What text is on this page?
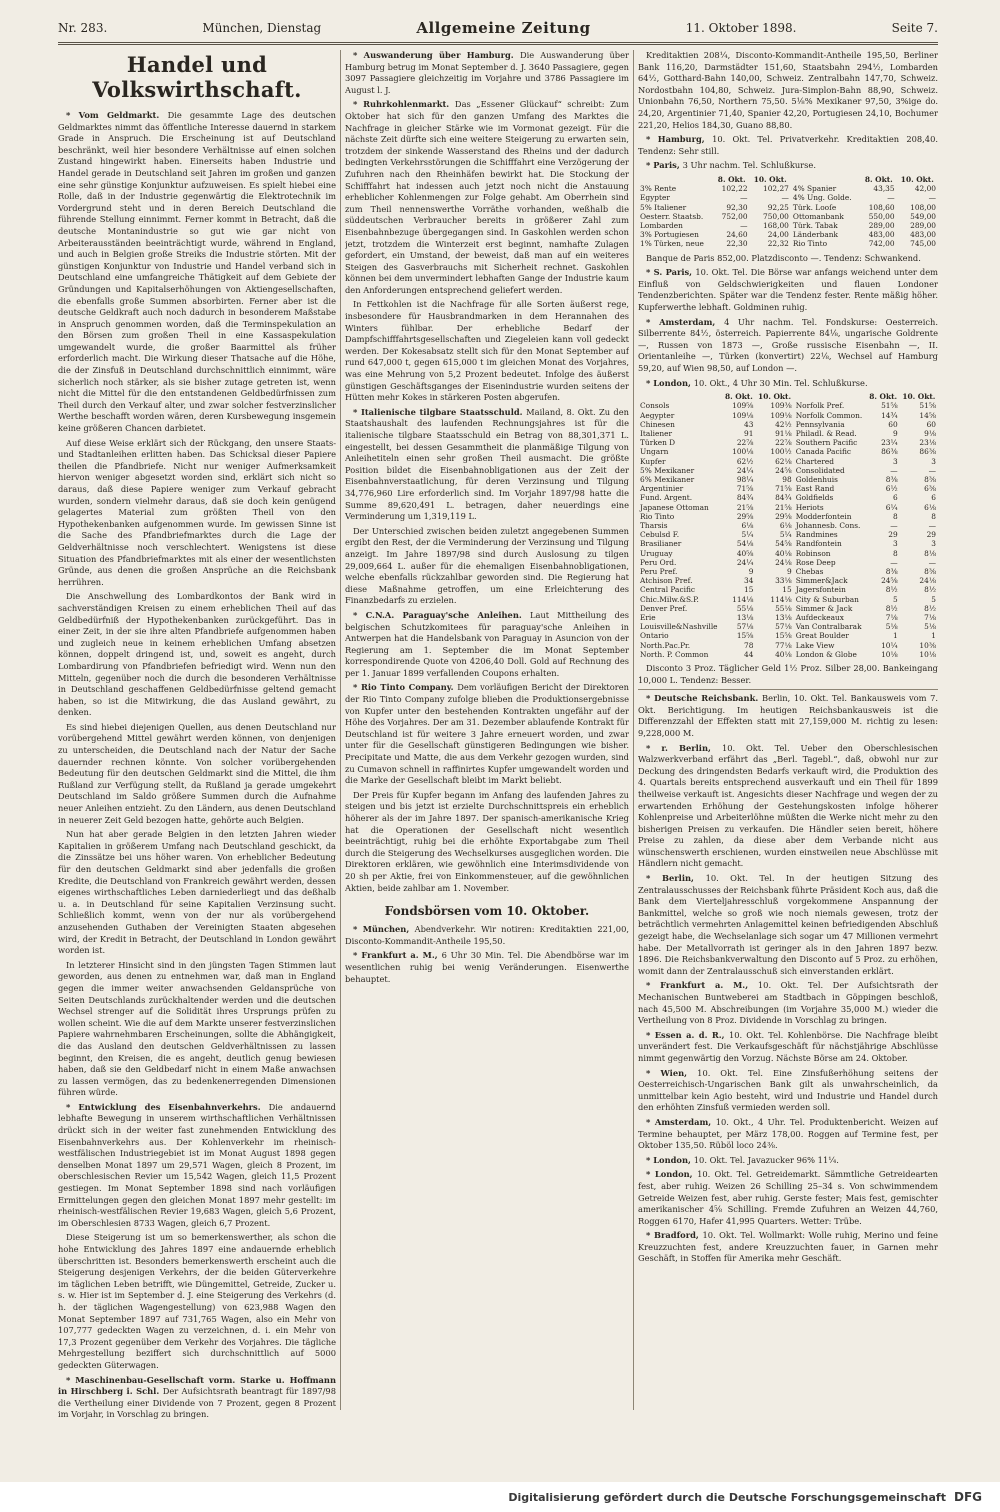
Nr. 283.	München, Dienstag	Allgemeine Zeitung	11. Oktober 1898.	Seite 7.
Handel und Volkswirthschaft.

* Vom Geldmarkt. Die gesammte Lage des deutschen Geldmarktes nimmt das öffentliche Interesse dauernd in starkem Grade in Anspruch. Die Erscheinung ist auf Deutschland beschränkt, weil hier besondere Verhältnisse auf einen solchen Zustand hingewirkt haben. Einerseits haben Industrie und Handel gerade in Deutschland seit Jahren im großen und ganzen eine sehr günstige Konjunktur aufzuweisen. Es spielt hiebei eine Rolle, daß in der Industrie gegenwärtig die Elektrotechnik im Vordergrund steht und in deren Bereich Deutschland die führende Stellung einnimmt. Ferner kommt in Betracht, daß die deutsche Montanindustrie so gut wie gar nicht von Arbeiterausständen beeinträchtigt wurde, während in England, und auch in Belgien große Streiks die Industrie störten. Mit der günstigen Konjunktur von Industrie und Handel verband sich in Deutschland eine umfangreiche Thätigkeit auf dem Gebiete der Gründungen und Kapitalserhöhungen von Aktiengesellschaften, die ebenfalls große Summen absorbirten. Ferner aber ist die deutsche Geldkraft auch noch dadurch in besonderem Maßstabe in Anspruch genommen worden, daß die Terminspekulation an den Börsen zum großen Theil in eine Kassaspekulation umgewandelt wurde, die großer Baarmittel als früher erforderlich macht. Die Wirkung dieser Thatsache auf die Höhe, die der Zinsfuß in Deutschland durchschnittlich einnimmt, wäre sicherlich noch stärker, als sie bisher zutage getreten ist, wenn nicht die Mittel für die den entstandenen Geldbedürfnissen zum Theil durch den Verkauf alter, und zwar solcher festverzinslicher Werthe beschafft worden wären, deren Kursbewegung insgemein keine größeren Chancen darbietet.

Auf diese Weise erklärt sich der Rückgang, den unsere Staats- und Stadtanleihen erlitten haben. Das Schicksal dieser Papiere theilen die Pfandbriefe. Nicht nur weniger Aufmerksamkeit hiervon weniger abgesetzt worden sind, erklärt sich nicht so daraus, daß diese Papiere weniger zum Verkauf gebracht wurden, sondern vielmehr daraus, daß sie doch kein genügend gelagertes Material zum größten Theil von den Hypothekenbanken aufgenommen wurde. Im gewissen Sinne ist die Sache des Pfandbriefmarktes durch die Lage der Geldverhältnisse noch verschlechtert. Wenigstens ist diese Situation des Pfandbriefmarktes mit als einer der wesentlichsten Gründe, aus denen die großen Ansprüche an die Reichsbank herrühren.

Die Anschwellung des Lombardkontos der Bank wird in sachverständigen Kreisen zu einem erheblichen Theil auf das Geldbedürfniß der Hypothekenbanken zurückgeführt. Das in einer Zeit, in der sie ihre alten Pfandbriefe aufgenommen haben und zugleich neue in keinem erheblichen Umfang absetzen können, doppelt dringend ist, und, soweit es angeht, durch Lombardirung von Pfandbriefen befriedigt wird. Wenn nun den Mitteln, gegenüber noch die durch die besonderen Verhältnisse in Deutschland geschaffenen Geldbedürfnisse geltend gemacht haben, so ist die Mitwirkung, die das Ausland gewährt, zu denken.

Es sind hiebei diejenigen Quellen, aus denen Deutschland nur vorübergehend Mittel gewährt werden können, von denjenigen zu unterscheiden, die Deutschland nach der Natur der Sache dauernder rechnen könnte. Von solcher vorübergehenden Bedeutung für den deutschen Geldmarkt sind die Mittel, die ihm Rußland zur Verfügung stellt, da Rußland ja gerade umgekehrt Deutschland im Saldo größere Summen durch die Aufnahme neuer Anleihen entzieht. Zu den Ländern, aus denen Deutschland in neuerer Zeit Geld bezogen hatte, gehörte auch Belgien.

Nun hat aber gerade Belgien in den letzten Jahren wieder Kapitalien in größerem Umfang nach Deutschland geschickt, da die Zinssätze bei uns höher waren. Von erheblicher Bedeutung für den deutschen Geldmarkt sind aber jedenfalls die großen Kredite, die Deutschland von Frankreich gewährt werden, dessen eigenes wirthschaftliches Leben darniederliegt und das deßhalb u. a. in Deutschland für seine Kapitalien Verzinsung sucht. Schließlich kommt, wenn von der nur als vorübergehend anzusehenden Guthaben der Vereinigten Staaten abgesehen wird, der Kredit in Betracht, der Deutschland in London gewährt worden ist.

In letzterer Hinsicht sind in den jüngsten Tagen Stimmen laut geworden, aus denen zu entnehmen war, daß man in England gegen die immer weiter anwachsenden Geldansprüche von Seiten Deutschlands zurückhaltender werden und die deutschen Wechsel strenger auf die Solidität ihres Ursprungs prüfen zu wollen scheint. Wie die auf dem Markte unserer festverzinslichen Papiere wahrnehmbaren Erscheinungen, sollte die Abhängigkeit, die das Ausland den deutschen Geldverhältnissen zu lassen beginnt, den Kreisen, die es angeht, deutlich genug bewiesen haben, daß sie den Geldbedarf nicht in einem Maße anwachsen zu lassen vermögen, das zu bedenkenerregenden Dimensionen führen würde.

* Entwicklung des Eisenbahnverkehrs. Die andauernd lebhafte Bewegung in unserem wirthschaftlichen Verhältnissen drückt sich in der weiter fast zunehmenden Entwicklung des Eisenbahnverkehrs aus. Der Kohlenverkehr im rheinisch-westfälischen Industriegebiet ist im Monat August 1898 gegen denselben Monat 1897 um 29,571 Wagen, gleich 8 Prozent, im oberschlesischen Revier um 15,542 Wagen, gleich 11,5 Prozent gestiegen. Im Monat September 1898 sind nach vorläufigen Ermittelungen gegen den gleichen Monat 1897 mehr gestellt: im rheinisch-westfälischen Revier 19,683 Wagen, gleich 5,6 Prozent, im Oberschlesien 8733 Wagen, gleich 6,7 Prozent.

Diese Steigerung ist um so bemerkenswerther, als schon die hohe Entwicklung des Jahres 1897 eine andauernde erheblich überschritten ist. Besonders bemerkenswerth erscheint auch die Steigerung desjenigen Verkehrs, der die beiden Güterverkehre im täglichen Leben betrifft, wie Düngemittel, Getreide, Zucker u. s. w. Hier ist im September d. J. eine Steigerung des Verkehrs (d. h. der täglichen Wagengestellung) von 623,988 Wagen den Monat September 1897 auf 731,765 Wagen, also ein Mehr von 107,777 gedeckten Wagen zu verzeichnen, d. i. ein Mehr von 17,3 Prozent gegenüber dem Verkehr des Vorjahres. Die tägliche Mehrgestellung beziffert sich durchschnittlich auf 5000 gedeckten Güterwagen.

* Maschinenbau-Gesellschaft vorm. Starke u. Hoffmann in Hirschberg i. Schl. Der Aufsichtsrath beantragt für 1897/98 die Vertheilung einer Dividende von 7 Prozent, gegen 8 Prozent im Vorjahr, in Vorschlag zu bringen.

* Auswanderung über Hamburg. Die Auswanderung über Hamburg betrug im Monat September d. J. 3640 Passagiere, gegen 3097 Passagiere gleichzeitig im Vorjahre und 3786 Passagiere im August l. J.

* Ruhrkohlenmarkt. Das „Essener Glückauf“ schreibt: Zum Oktober hat sich für den ganzen Umfang des Marktes die Nachfrage in gleicher Stärke wie im Vormonat gezeigt. Für die nächste Zeit dürfte sich eine weitere Steigerung zu erwarten sein, trotzdem der sinkende Wasserstand des Rheins und der dadurch bedingten Verkehrsstörungen die Schifffahrt eine Verzögerung der Zufuhren nach den Rheinhäfen bewirkt hat. Die Stockung der Schifffahrt hat indessen auch jetzt noch nicht die Anstauung erheblicher Kohlenmengen zur Folge gehabt. Am Oberrhein sind zum Theil nennenswerthe Vorräthe vorhanden, weßhalb die süddeutschen Verbraucher bereits in größerer Zahl zum Eisenbahnbezuge übergegangen sind. In Gaskohlen werden schon jetzt, trotzdem die Winterzeit erst beginnt, namhafte Zulagen gefordert, ein Umstand, der beweist, daß man auf ein weiteres Steigen des Gasverbrauchs mit Sicherheit rechnet. Gaskohlen können bei dem unvermindert lebhaften Gange der Industrie kaum den Anforderungen entsprechend geliefert werden.

In Fettkohlen ist die Nachfrage für alle Sorten äußerst rege, insbesondere für Hausbrandmarken in dem Herannahen des Winters fühlbar. Der erhebliche Bedarf der Dampfschifffahrtsgesellschaften und Ziegeleien kann voll gedeckt werden. Der Kokesabsatz stellt sich für den Monat September auf rund 647,000 t, gegen 615,000 t im gleichen Monat des Vorjahres, was eine Mehrung von 5,2 Prozent bedeutet. Infolge des äußerst günstigen Geschäftsganges der Eisenindustrie wurden seitens der Hütten mehr Kokes in stärkeren Posten abgerufen.

* Italienische tilgbare Staatsschuld. Mailand, 8. Okt. Zu den Staatshaushalt des laufenden Rechnungsjahres ist für die italienische tilgbare Staatsschuld ein Betrag von 88,301,371 L. eingestellt, bei dessen Gesammtheit die planmäßige Tilgung von Anleihetiteln einen sehr großen Theil ausmacht. Die größte Position bildet die Eisenbahnobligationen aus der Zeit der Eisenbahnverstaatlichung, für deren Verzinsung und Tilgung 34,776,960 Lire erforderlich sind. Im Vorjahr 1897/98 hatte die Summe 89,620,491 L. betragen, daher neuerdings eine Verminderung um 1,319,119 L.

Der Unterschied zwischen beiden zuletzt angegebenen Summen ergibt den Rest, der die Verminderung der Verzinsung und Tilgung anzeigt. Im Jahre 1897/98 sind durch Auslosung zu tilgen 29,009,664 L. außer für die ehemaligen Eisenbahnobligationen, welche ebenfalls rückzahlbar geworden sind. Die Regierung hat diese Maßnahme getroffen, um eine Erleichterung des Finanzbedarfs zu erzielen.

* C.N.A. Paraguay'sche Anleihen. Laut Mittheilung des belgischen Schutzkomitees für paraguay'sche Anleihen in Antwerpen hat die Handelsbank von Paraguay in Asuncion von der Regierung am 1. September die im Monat September korrespondirende Quote von 4206,40 Doll. Gold auf Rechnung des per 1. Januar 1899 verfallenden Coupons erhalten.

* Rio Tinto Company. Dem vorläufigen Bericht der Direktoren der Rio Tinto Company zufolge blieben die Produktionsergebnisse von Kupfer unter den bestehenden Kontrakten ungefähr auf der Höhe des Vorjahres. Der am 31. Dezember ablaufende Kontrakt für Deutschland ist für weitere 3 Jahre erneuert worden, und zwar unter für die Gesellschaft günstigeren Bedingungen wie bisher. Precipitate und Matte, die aus dem Verkehr gezogen wurden, sind zu Cumavon schnell in raffinirtes Kupfer umgewandelt worden und die Marke der Gesellschaft bleibt im Markt beliebt.

Der Preis für Kupfer begann im Anfang des laufenden Jahres zu steigen und bis jetzt ist erzielte Durchschnittspreis ein erheblich höherer als der im Jahre 1897. Der spanisch-amerikanische Krieg hat die Operationen der Gesellschaft nicht wesentlich beeinträchtigt, ruhig bei die erhöhte Exportabgabe zum Theil durch die Steigerung des Wechselkurses ausgeglichen worden. Die Direktoren erklären, wie gewöhnlich eine Interimsdividende von 20 sh per Aktie, frei von Einkommensteuer, auf die gewöhnlichen Aktien, beide zahlbar am 1. November.

Fondsbörsen vom 10. Oktober.

* München, Abendverkehr. Wir notiren: Kreditaktien 221,00, Disconto-Kommandit-Antheile 195,50.

* Frankfurt a. M., 6 Uhr 30 Min. Tel. Die Abendbörse war im wesentlichen ruhig bei wenig Veränderungen. Eisenwerthe behauptet.

Kreditaktien 208¼, Disconto-Kommandit-Antheile 195,50, Berliner Bank 116,20, Darmstädter 151,60, Staatsbahn 294½, Lombarden 64½, Gotthard-Bahn 140,00, Schweiz. Zentralbahn 147,70, Schweiz. Nordostbahn 104,80, Schweiz. Jura-Simplon-Bahn 88,90, Schweiz. Unionbahn 76,50, Northern 75,50. 5⅛% Mexikaner 97,50, 3%ige do. 24,20, Argentinier 71,40, Spanier 42,20, Portugiesen 24,10, Bochumer 221,20, Helios 184,30, Guano 88,80.

* Hamburg, 10. Okt. Tel. Privatverkehr. Kreditaktien 208,40. Tendenz: Sehr still.

* Paris, 3 Uhr nachm. Tel. Schlußkurse.

	8. Okt.	10. Okt.		8. Okt.	10. Okt.
3% Rente	102,22	102,27	4% Spanier	43,35	42,00
Egypter	—	—	4% Ung. Golde.	—	—
5% Italiener	92,30	92,25	Türk. Looſe	108,60	108,00
Oesterr. Staatsb.	752,00	750,00	Ottomanbank	550,00	549,00
Lombarden	—	168,00	Türk. Tabak	289,00	289,00
3% Portugiesen	24,60	24,00	Länderbank	483,00	483,00
1% Türken, neue	22,30	22,32	Rio Tinto	742,00	745,00

Banque de Paris 852,00. Platzdisconto —. Tendenz: Schwankend.

* S. Paris, 10. Okt. Tel. Die Börse war anfangs weichend unter dem Einfluß von Geldschwierigkeiten und flauen Londoner Tendenzberichten. Später war die Tendenz fester. Rente mäßig höher. Kupferwerthe lebhaft. Goldminen ruhig.

* Amsterdam, 4 Uhr nachm. Tel. Fondskurse: Oesterreich. Silberrente 84½, österreich. Papierrente 84⅛, ungarische Goldrente —, Russen von 1873 —, Große russische Eisenbahn —, II. Orientanleihe —, Türken (konvertirt) 22⅛, Wechsel auf Hamburg 59,20, auf Wien 98,50, auf London —.

* London, 10. Okt., 4 Uhr 30 Min. Tel. Schlußkurse.

	8. Okt.	10. Okt.		8. Okt.	10. Okt.
Consols	109⅝	109⅜	Norfolk Pref.	51⅝	51⅝
Aegypter	109⅛	109⅛	Norfolk Common.	14¾	14⅝
Chinesen	43	42½	Pennsylvania	60	60
Italiener	91	91⅛	Philadl. & Read.	9	9⅛
Türken D	22⅞	22⅞	Southern Pacific	23¼	23⅛
Ungarn	100⅛	100½	Canada Pacific	86⅜	86⅜
Kupfer	62½	62⅛	Chartered	3	3
5% Mexikaner	24¼	24⅝	Consolidated	—	—
6% Mexikaner	98¼	98	Goldenhuis	8⅜	8⅜
Argentinier	71⅝	71⅝	East Rand	6½	6⅜
Fund. Argent.	84¾	84¾	Goldfields	6	6
Japanese Ottoman	21⅝	21⅝	Heriots	6¼	6⅛
Rio Tinto	29⅝	29⅝	Modderfontein	8	8
Tharsis	6⅛	6⅛	Johannesb. Cons.	—	—
Cebulsd F.	5¼	5¼	Randmines	29	29
Brasilianer	54⅛	54⅝	Randfontein	3	3
Uruguay	40⅝	40⅛	Robinson	8	8⅛
Peru Ord.	24¼	24⅛	Rose Deep	—	—
Peru Pref.	9	9	Chebas	8⅜	8⅜
Atchison Pref.	34	33⅛	Simmer&Jack	24⅝	24⅛
Central Pacific	15	15	Jagersfontein	8½	8½
Chic.Milw.&S.P.	114⅛	114⅛	City & Suburban	5	5
Denver Pref.	55⅛	55⅛	Simmer & Jack	8½	8½
Erie	13⅛	13⅛	Aufdeckeaux	7⅛	7⅛
Louisville&Nashville	57⅛	57⅛	Van Contralbarak	5⅛	5⅛
Ontario	15⅝	15⅝	Great Boulder	1	1
North.Pac.Pr.	78	77⅛	Lake View	10¼	10⅜
North. P. Common	44	40⅛	London & Globe	10⅛	10⅛

Disconto 3 Proz. Täglicher Geld 1½ Proz. Silber 28,00. Bankeingang 10,000 L. Tendenz: Besser.

* Deutsche Reichsbank. Berlin, 10. Okt. Tel. Bankausweis vom 7. Okt. Berichtigung. Im heutigen Reichsbankausweis ist die Differenzzahl der Effekten statt mit 27,159,000 M. richtig zu lesen: 9,228,000 M.

* r. Berlin, 10. Okt. Tel. Ueber den Oberschlesischen Walzwerkverband erfährt das „Berl. Tagebl.“, daß, obwohl nur zur Deckung des dringendsten Bedarfs verkauft wird, die Produktion des 4. Quartals bereits entsprechend ausverkauft und ein Theil für 1899 theilweise verkauft ist. Angesichts dieser Nachfrage und wegen der zu erwartenden Erhöhung der Gestehungskosten infolge höherer Kohlenpreise und Arbeiterlöhne müßten die Werke nicht mehr zu den bisherigen Preisen zu verkaufen. Die Händler seien bereit, höhere Preise zu zahlen, da diese aber dem Verbande nicht aus wünschenswerth erschienen, wurden einstweilen neue Abschlüsse mit Händlern nicht gemacht.

* Berlin, 10. Okt. Tel. In der heutigen Sitzung des Zentralausschusses der Reichsbank führte Präsident Koch aus, daß die Bank dem Vierteljahresschluß vorgekommene Anspannung der Bankmittel, welche so groß wie noch niemals gewesen, trotz der beträchtlich vermehrten Anlagemittel keinen befriedigenden Abschluß gezeigt habe, die Wechselanlage sich sogar um 47 Millionen vermehrt habe. Der Metallvorrath ist geringer als in den Jahren 1897 bezw. 1896. Die Reichsbankverwaltung den Disconto auf 5 Proz. zu erhöhen, womit dann der Zentralausschuß sich einverstanden erklärt.

* Frankfurt a. M., 10. Okt. Tel. Der Aufsichtsrath der Mechanischen Buntweberei am Stadtbach in Göppingen beschloß, nach 45,500 M. Abschreibungen (im Vorjahre 35,000 M.) wieder die Vertheilung von 8 Proz. Dividende in Vorschlag zu bringen.

* Essen a. d. R., 10. Okt. Tel. Kohlenbörse. Die Nachfrage bleibt unverändert fest. Die Verkaufsgeschäft für nächstjährige Abschlüsse nimmt gegenwärtig den Vorzug. Nächste Börse am 24. Oktober.

* Wien, 10. Okt. Tel. Eine Zinsfußerhöhung seitens der Oesterreichisch-Ungarischen Bank gilt als unwahrscheinlich, da unmittelbar kein Agio besteht, wird und Industrie und Handel durch den erhöhten Zinsfuß vermieden werden soll.

* Amsterdam, 10. Okt., 4 Uhr. Tel. Produktenbericht. Weizen auf Termine behauptet, per März 178,00. Roggen auf Termine fest, per Oktober 135,50. Rüböl loco 24⅜.

* London, 10. Okt. Tel. Javazucker 96% 11¼.

* London, 10. Okt. Tel. Getreidemarkt. Sämmtliche Getreidearten fest, aber ruhig. Weizen 26 Schilling 25–34 s. Von schwimmendem Getreide Weizen fest, aber ruhig. Gerste fester; Mais fest, gemischter amerikanischer 4⅝ Schilling. Fremde Zufuhren an Weizen 44,760, Roggen 6170, Hafer 41,995 Quarters. Wetter: Trübe.

* Bradford, 10. Okt. Tel. Wollmarkt: Wolle ruhig, Merino und feine Kreuzzuchten fest, andere Kreuzzuchten fauer, in Garnen mehr Geschäft, in Stoffen für Amerika mehr Geschäft.

Digitalisierung gefördert durch die Deutsche Forschungsgemeinschaft DFG
